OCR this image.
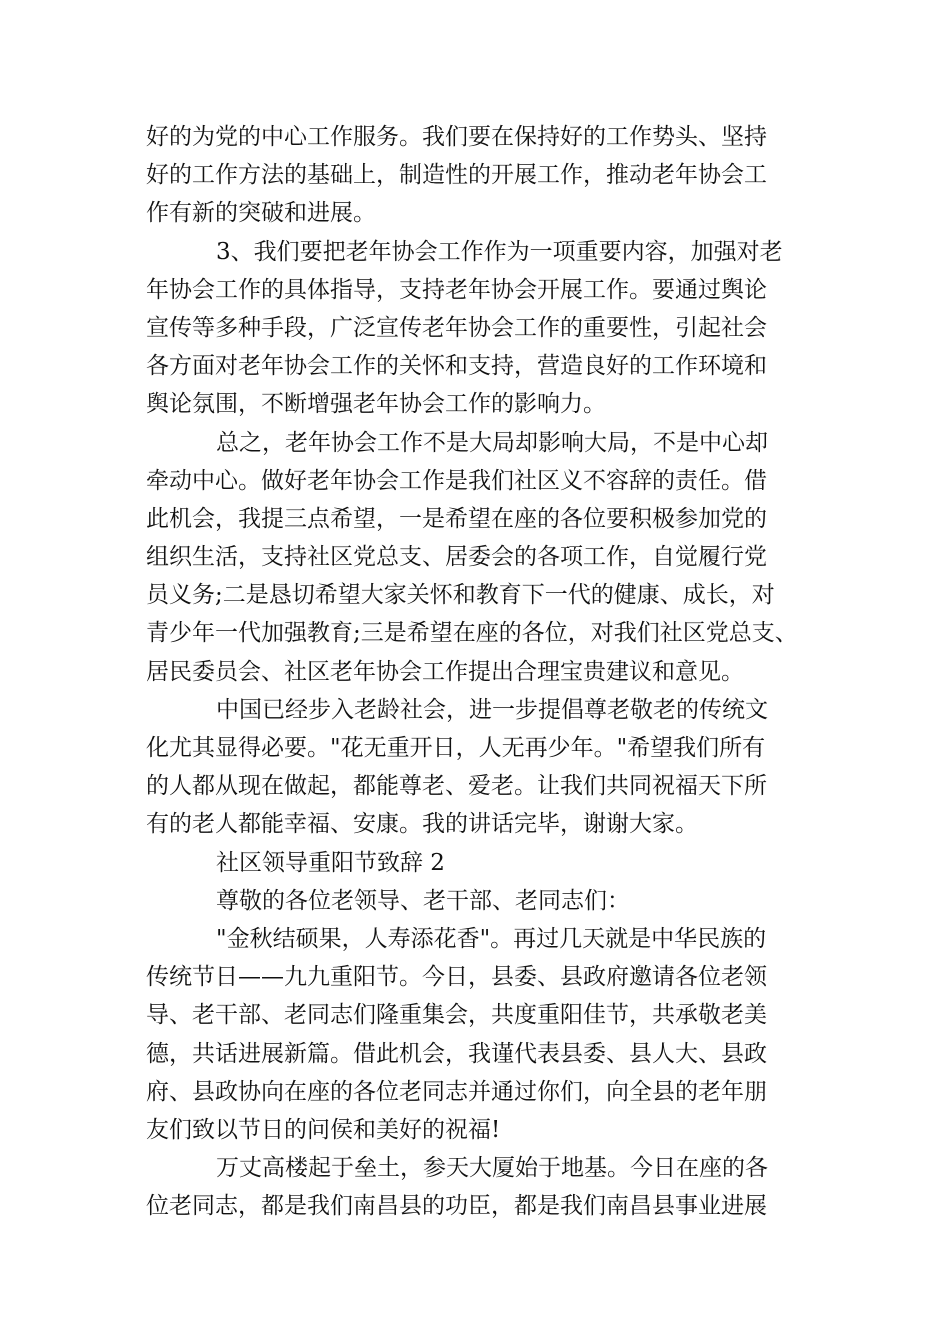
好的为党的中心工作服务。我们要在保持好的工作势头、坚持
好的工作方法的基础上，制造性的开展工作，推动老年协会工
作有新的突破和进展。
3、我们要把老年协会工作作为一项重要内容，加强对老
年协会工作的具体指导，支持老年协会开展工作。要通过舆论
宣传等多种手段，广泛宣传老年协会工作的重要性，引起社会
各方面对老年协会工作的关怀和支持，营造良好的工作环境和
舆论氛围，不断增强老年协会工作的影响力。
总之，老年协会工作不是大局却影响大局，不是中心却
牵动中心。做好老年协会工作是我们社区义不容辞的责任。借
此机会，我提三点希望，一是希望在座的各位要积极参加党的
组织生活，支持社区党总支、居委会的各项工作，自觉履行党
员义务;二是恳切希望大家关怀和教育下一代的健康、成长，对
青少年一代加强教育;三是希望在座的各位，对我们社区党总支、
居民委员会、社区老年协会工作提出合理宝贵建议和意见。
中国已经步入老龄社会，进一步提倡尊老敬老的传统文
化尤其显得必要。"花无重开日，人无再少年。"希望我们所有
的人都从现在做起，都能尊老、爱老。让我们共同祝福天下所
有的老人都能幸福、安康。我的讲话完毕，谢谢大家。
社区领导重阳节致辞 2
尊敬的各位老领导、老干部、老同志们：
"金秋结硕果，人寿添花香"。再过几天就是中华民族的
传统节日——九九重阳节。今日，县委、县政府邀请各位老领
导、老干部、老同志们隆重集会，共度重阳佳节，共承敬老美
德，共话进展新篇。借此机会，我谨代表县委、县人大、县政
府、县政协向在座的各位老同志并通过你们，向全县的老年朋
友们致以节日的问侯和美好的祝福!
万丈高楼起于垒土，参天大厦始于地基。今日在座的各
位老同志，都是我们南昌县的功臣，都是我们南昌县事业进展
